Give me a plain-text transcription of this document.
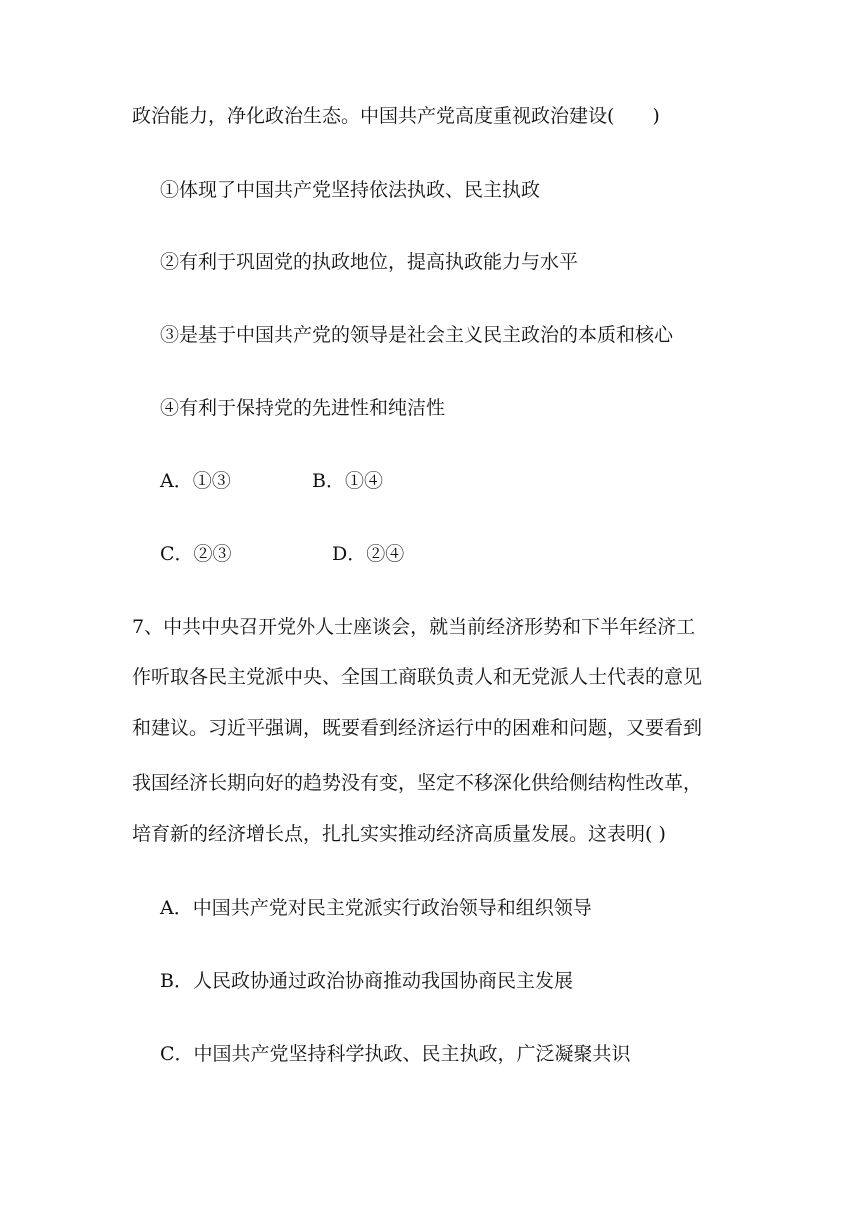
政治能力，净化政治生态。中国共产党高度重视政治建设(　　)
①体现了中国共产党坚持依法执政、民主执政
②有利于巩固党的执政地位，提高执政能力与水平
③是基于中国共产党的领导是社会主义民主政治的本质和核心
④有利于保持党的先进性和纯洁性
A．①③	B．①④
C．②③	D．②④
7、中共中央召开党外人士座谈会，就当前经济形势和下半年经济工
作听取各民主党派中央、全国工商联负责人和无党派人士代表的意见
和建议。习近平强调，既要看到经济运行中的困难和问题，又要看到
我国经济长期向好的趋势没有变，坚定不移深化供给侧结构性改革，
培育新的经济增长点，扎扎实实推动经济高质量发展。这表明( )
A．中国共产党对民主党派实行政治领导和组织领导
B．人民政协通过政治协商推动我国协商民主发展
C．中国共产党坚持科学执政、民主执政，广泛凝聚共识
